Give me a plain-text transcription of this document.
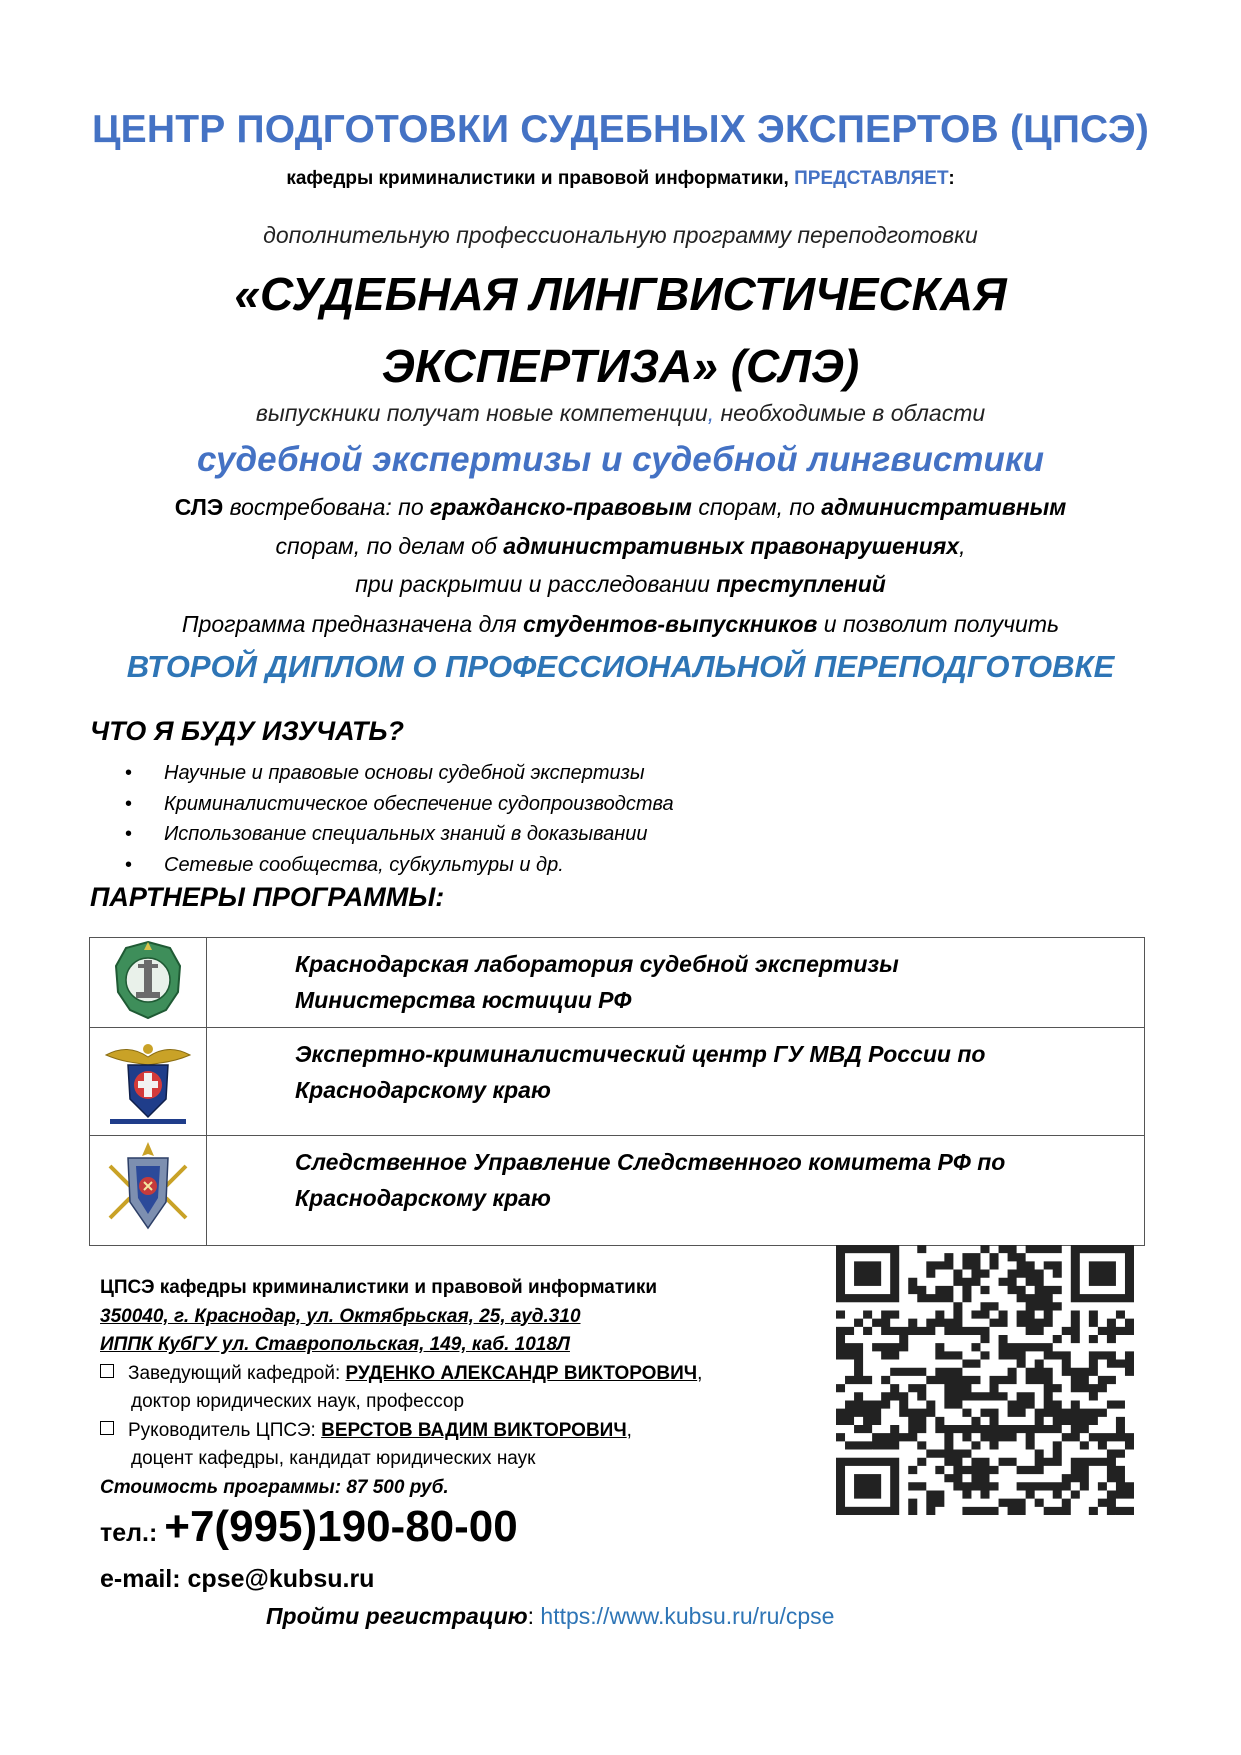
ЦЕНТР ПОДГОТОВКИ СУДЕБНЫХ ЭКСПЕРТОВ (ЦПСЭ)
кафедры криминалистики и правовой информатики, ПРЕДСТАВЛЯЕТ:
дополнительную профессиональную программу переподготовки
«СУДЕБНАЯ ЛИНГВИСТИЧЕСКАЯ
ЭКСПЕРТИЗА» (СЛЭ)
выпускники получат новые компетенции, необходимые в области
судебной экспертизы и судебной лингвистики
СЛЭ востребована: по гражданско-правовым спорам, по административным
спорам, по делам об административных правонарушениях,
при раскрытии и расследовании преступлений
Программа предназначена для студентов-выпускников и позволит получить
ВТОРОЙ ДИПЛОМ О ПРОФЕССИОНАЛЬНОЙ ПЕРЕПОДГОТОВКЕ
ЧТО Я БУДУ ИЗУЧАТЬ?
• Научные и правовые основы судебной экспертизы
• Криминалистическое обеспечение судопроизводства
• Использование специальных знаний в доказывании
• Сетевые сообщества, субкультуры и др.
ПАРТНЕРЫ ПРОГРАММЫ:

Краснодарская лаборатория судебной экспертизы
Министерства юстиции РФ

Экспертно-криминалистический центр ГУ МВД России по
Краснодарскому краю

Следственное Управление Следственного комитета РФ по
Краснодарскому краю
ЦПСЭ кафедры криминалистики и правовой информатики
350040, г. Краснодар, ул. Октябрьская, 25, ауд.310
ИППК КубГУ ул. Ставропольская, 149, каб. 1018Л
Заведующий кафедрой: РУДЕНКО АЛЕКСАНДР ВИКТОРОВИЧ,
доктор юридических наук, профессор
Руководитель ЦПСЭ: ВЕРСТОВ ВАДИМ ВИКТОРОВИЧ,
доцент кафедры, кандидат юридических наук
Стоимость программы: 87 500 руб.
тел.: +7(995)190-80-00
e-mail: cpse@kubsu.ru
Пройти регистрацию: https://www.kubsu.ru/ru/cpse
